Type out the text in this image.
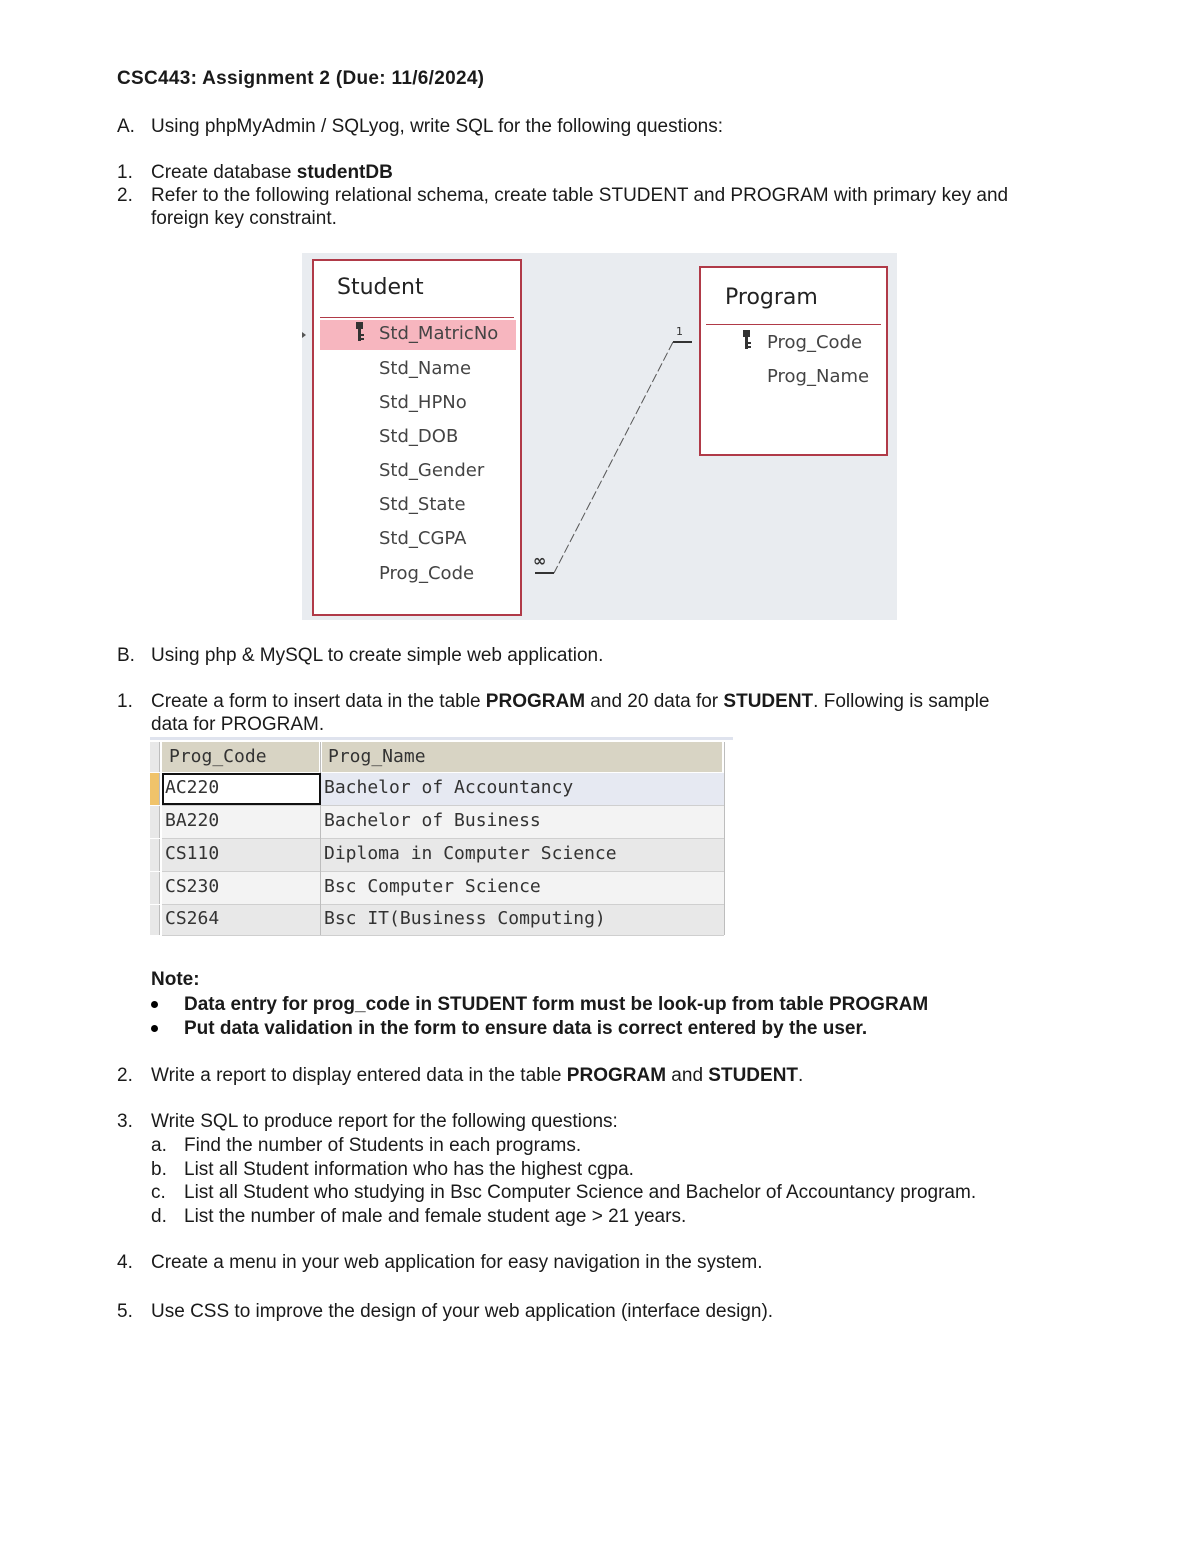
CSC443: Assignment 2 (Due: 11/6/2024)
A. Using phpMyAdmin / SQLyog, write SQL for the following questions:
1. Create database studentDB
2. Refer to the following relational schema, create table STUDENT and PROGRAM with primary key and
foreign key constraint.
Student
Std_MatricNo
Std_Name
Std_HPNo
Std_DOB
Std_Gender
Std_State
Std_CGPA
Prog_Code
Program
Prog_Code
Prog_Name
1
∞
B. Using php & MySQL to create simple web application.
1. Create a form to insert data in the table PROGRAM and 20 data for STUDENT. Following is sample
data for PROGRAM.
Prog_Code	Prog_Name
AC220	Bachelor of Accountancy
BA220	Bachelor of Business
CS110	Diploma in Computer Science
CS230	Bsc Computer Science
CS264	Bsc IT(Business Computing)
Note:
Data entry for prog_code in STUDENT form must be look-up from table PROGRAM
Put data validation in the form to ensure data is correct entered by the user.
2. Write a report to display entered data in the table PROGRAM and STUDENT.
3. Write SQL to produce report for the following questions:
a. Find the number of Students in each programs.
b. List all Student information who has the highest cgpa.
c. List all Student who studying in Bsc Computer Science and Bachelor of Accountancy program.
d. List the number of male and female student age > 21 years.
4. Create a menu in your web application for easy navigation in the system.
5. Use CSS to improve the design of your web application (interface design).
